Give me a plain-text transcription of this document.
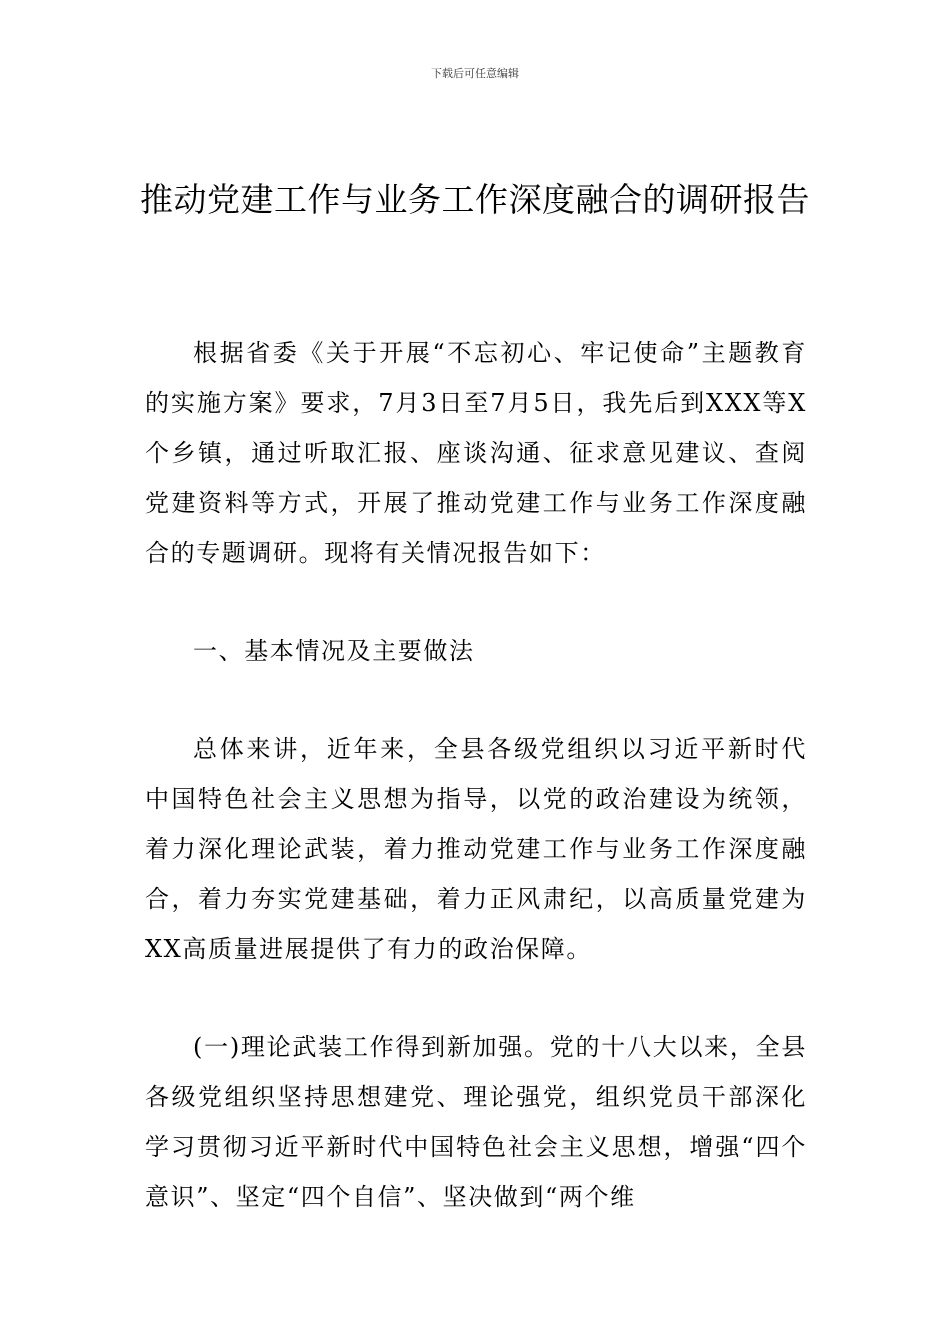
下载后可任意编辑
推动党建工作与业务工作深度融合的调研报告

根据省委《关于开展“不忘初心、牢记使命”主题教育的实施方案》要求，7月3日至7月5日，我先后到XXX等X个乡镇，通过听取汇报、座谈沟通、征求意见建议、查阅党建资料等方式，开展了推动党建工作与业务工作深度融合的专题调研。现将有关情况报告如下：

一、基本情况及主要做法

总体来讲，近年来，全县各级党组织以习近平新时代中国特色社会主义思想为指导，以党的政治建设为统领，着力深化理论武装，着力推动党建工作与业务工作深度融合，着力夯实党建基础，着力正风肃纪，以高质量党建为XX高质量进展提供了有力的政治保障。

(一)理论武装工作得到新加强。党的十八大以来，全县各级党组织坚持思想建党、理论强党，组织党员干部深化学习贯彻习近平新时代中国特色社会主义思想，增强“四个意识”、坚定“四个自信”、坚决做到“两个维
